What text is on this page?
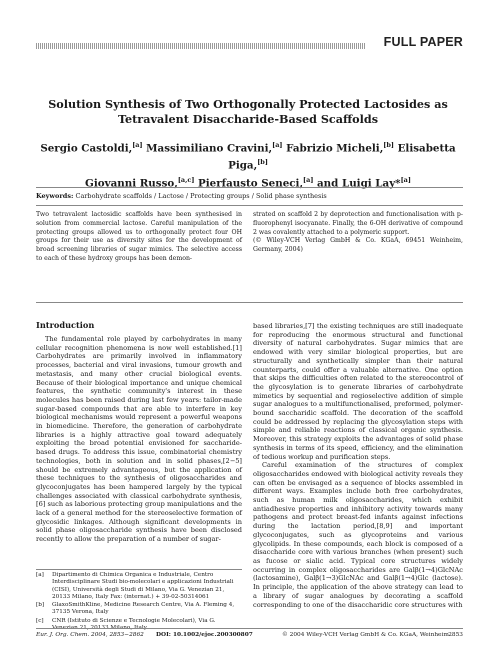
FULL PAPER
Solution Synthesis of Two Orthogonally Protected Lactosides as Tetravalent Disaccharide-Based Scaffolds
Sergio Castoldi,[a] Massimiliano Cravini,[a] Fabrizio Micheli,[b] Elisabetta Piga,[b]
Giovanni Russo,[a,c] Pierfausto Seneci,[a] and Luigi Lay*[a]
Keywords: Carbohydrate scaffolds / Lactose / Protecting groups / Solid phase synthesis
Two tetravalent lactosidic scaffolds have been synthesised in solution from commercial lactose. Careful manipulation of the protecting groups allowed us to orthogonally protect four OH groups for their use as diversity sites for the development of broad screening libraries of sugar mimics. The selective access to each of these hydroxy groups has been demon-
strated on scaffold 2 by deprotection and functionalisation with p-fluorophenyl isocyanate. Finally, the 6-OH derivative of compound 2 was covalently attached to a polymeric support.
(© Wiley-VCH Verlag GmbH & Co. KGaA, 69451 Weinheim, Germany, 2004)
Introduction

The fundamental role played by carbohydrates in many cellular recognition phenomena is now well established.[1] Carbohydrates are primarily involved in inflammatory processes, bacterial and viral invasions, tumour growth and metastasis, and many other crucial biological events. Because of their biological importance and unique chemical features, the synthetic community's interest in these molecules has been raised during last few years: tailor-made sugar-based compounds that are able to interfere in key biological mechanisms would represent a powerful weapons in biomedicine. Therefore, the generation of carbohydrate libraries is a highly attractive goal toward adequately exploiting the broad potential envisioned for saccharide-based drugs. To address this issue, combinatorial chemistry technologies, both in solution and in solid phases,[2−5] should be extremely advantageous, but the application of these techniques to the synthesis of oligosaccharides and glycoconjugates has been hampered largely by the typical challenges associated with classical carbohydrate synthesis,[6] such as laborious protecting group manipulations and the lack of a general method for the stereoselective formation of glycosidic linkages. Although significant developments in solid phase oligosaccharide synthesis have been disclosed recently to allow the preparation of a number of sugar-

based libraries,[7] the existing techniques are still inadequate for reproducing the enormous structural and functional diversity of natural carbohydrates. Sugar mimics that are endowed with very similar biological properties, but are structurally and synthetically simpler than their natural counterparts, could offer a valuable alternative. One option that skips the difficulties often related to the stereocontrol of the glycosylation is to generate libraries of carbohydrate mimetics by sequential and regioselective addition of simple sugar analogues to a multifunctionalised, preformed, polymer-bound saccharidic scaffold. The decoration of the scaffold could be addressed by replacing the glycosylation steps with simple and reliable reactions of classical organic synthesis. Moreover, this strategy exploits the advantages of solid phase synthesis in terms of its speed, efficiency, and the elimination of tedious workup and purification steps.

Careful examination of the structures of complex oligosaccharides endowed with biological activity reveals they can often be envisaged as a sequence of blocks assembled in different ways. Examples include both free carbohydrates, such as human milk oligosaccharides, which exhibit antiadhesive properties and inhibitory activity towards many pathogens and protect breast-fed infants against infections during the lactation period,[8,9] and important glycoconjugates, such as glycoproteins and various glycolipids. In these compounds, each block is composed of a disaccharide core with various branches (when present) such as fucose or sialic acid. Typical core structures widely occurring in complex oligosaccharides are Galβ(1→4)GlcNAc (lactosamine), Galβ(1→3)GlcNAc and Galβ(1→4)Glc (lactose). In principle, the application of the above strategy can lead to a library of sugar analogues by decorating a scaffold corresponding to one of the disaccharidic core structures with

[a] Dipartimento di Chimica Organica e Industriale, Centro Interdisciplinare Studi bio-molecolari e applicazioni Industriali (CISI), Università degli Studi di Milano, Via G. Venezian 21, 20133 Milano, Italy Fax: (internat.) + 39-02-50314061
[b] GlaxoSmithKline, Medicine Research Centre, Via A. Fleming 4, 37135 Verona, Italy
[c] CNR (Istituto di Scienze e Tecnologie Molecolari), Via G. Venezian 21, 20133 Milano, Italy
Eur. J. Org. Chem. 2004, 2853−2862 DOI: 10.1002/ejoc.200300807	© 2004 Wiley-VCH Verlag GmbH & Co. KGaA, Weinheim 2853
